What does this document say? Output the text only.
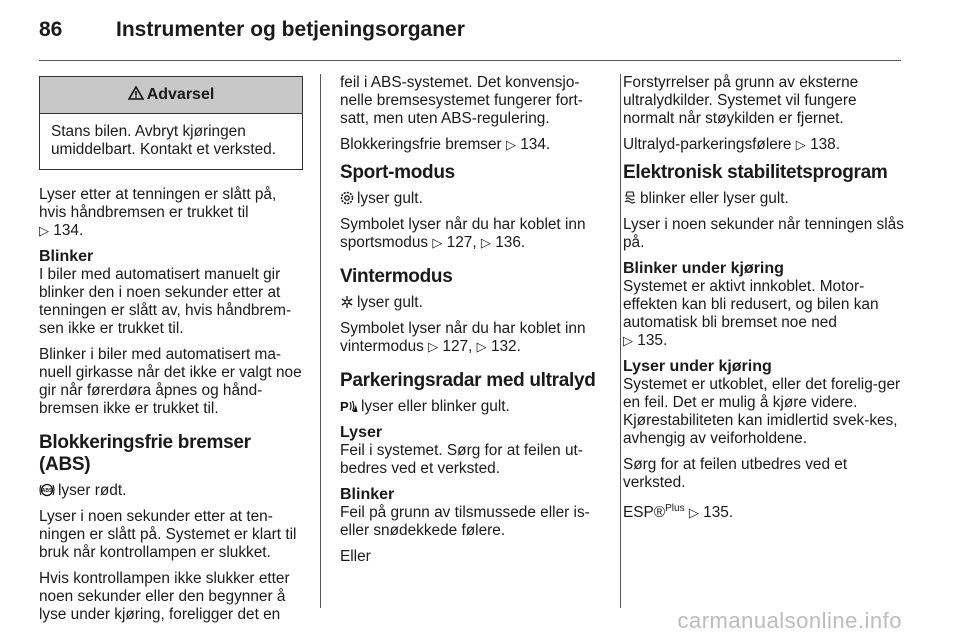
86	Instrumenter og betjeningsorganer
Advarsel
Stans bilen. Avbryt kjøringen umiddelbart. Kontakt et verksted.

Lyser etter at tenningen er slått på, hvis håndbremsen er trukket til
▷ 134.

Blinker

I biler med automatisert manuelt gir blinker den i noen sekunder etter at tenningen er slått av, hvis håndbrem-sen ikke er trukket til.

Blinker i biler med automatisert ma-nuell girkasse når det ikke er valgt noe gir når førerdøra åpnes og hånd-bremsen ikke er trukket til.

Blokkeringsfrie bremser (ABS)

ABS lyser rødt.

Lyser i noen sekunder etter at ten-ningen er slått på. Systemet er klart til bruk når kontrollampen er slukket.

Hvis kontrollampen ikke slukker etter noen sekunder eller den begynner å lyse under kjøring, foreligger det en

feil i ABS-systemet. Det konvensjo-nelle bremsesystemet fungerer fort-satt, men uten ABS-regulering.

Blokkeringsfrie bremser ▷ 134.

Sport-modus

lyser gult.

Symbolet lyser når du har koblet inn sportsmodus ▷ 127, ▷ 136.

Vintermodus

lyser gult.

Symbolet lyser når du har koblet inn vintermodus ▷ 127, ▷ 132.

Parkeringsradar med ultralyd

P lyser eller blinker gult.

Lyser

Feil i systemet. Sørg for at feilen ut-bedres ved et verksted.

Blinker

Feil på grunn av tilsmussede eller is- eller snødekkede følere.

Eller

Forstyrrelser på grunn av eksterne ultralydkilder. Systemet vil fungere normalt når støykilden er fjernet.

Ultralyd-parkeringsfølere ▷ 138.

Elektronisk stabilitetsprogram

blinker eller lyser gult.

Lyser i noen sekunder når tenningen slås på.

Blinker under kjøring

Systemet er aktivt innkoblet. Motor-effekten kan bli redusert, og bilen kan automatisk bli bremset noe ned
▷ 135.

Lyser under kjøring

Systemet er utkoblet, eller det forelig-ger en feil. Det er mulig å kjøre videre. Kjørestabiliteten kan imidlertid svek-kes, avhengig av veiforholdene.

Sørg for at feilen utbedres ved et verksted.

ESP®$^{Plus}$ ▷ 135.

carmanualsonline.info
